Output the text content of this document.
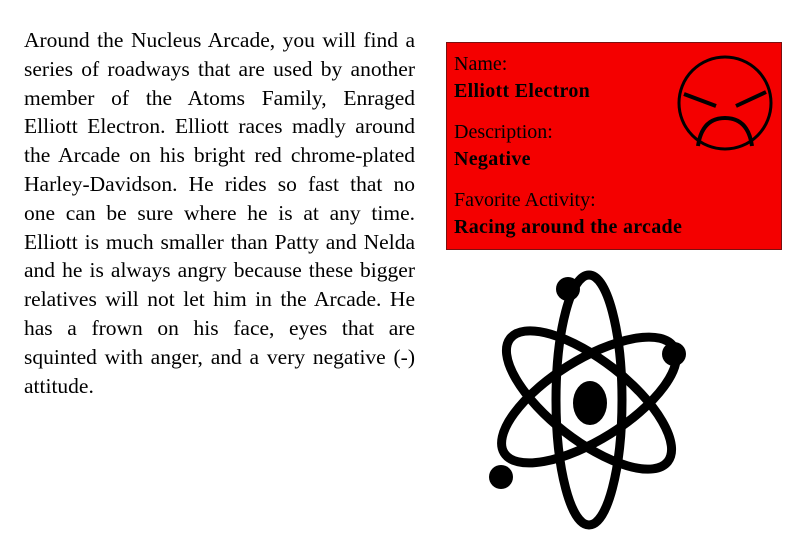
Around the Nucleus Arcade, you will find a series of roadways that are used by another member of the Atoms Family, Enraged Elliott Electron. Elliott races madly around the Arcade on his bright red chrome-plated Harley-Davidson. He rides so fast that no one can be sure where he is at any time. Elliott is much smaller than Patty and Nelda and he is always angry because these bigger relatives will not let him in the Arcade. He has a frown on his face, eyes that are squinted with anger, and a very negative (-) attitude.

Name:
Elliott Electron
Description:
Negative
Favorite Activity:
Racing around the arcade
